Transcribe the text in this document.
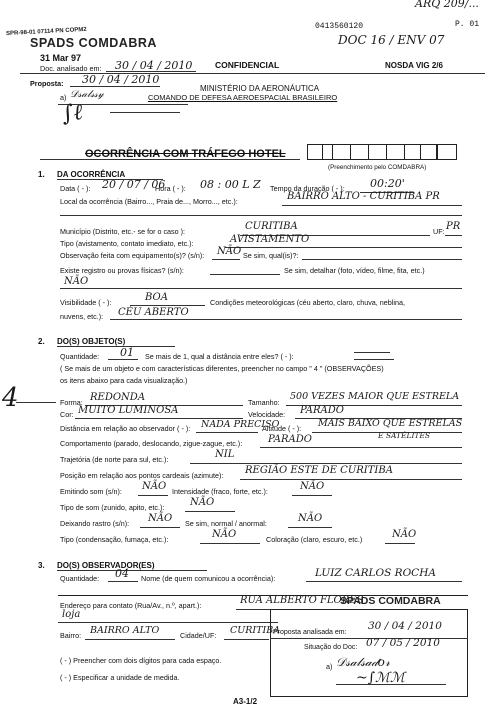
ARQ 209/...
0413560120	P. 01
DOC 16 / ENV 07
SPR-98-01 07114 PN COPM2
SPADS COMDABRA
31 Mar 97
Doc. analisado em: 30 / 04 / 2010	CONFIDENCIAL	NOSDA VIG 2/6
Proposta: 30 / 04 / 2010
MINISTÉRIO DA AERONÁUTICA
a) 𝒟𝓈𝒶𝓁𝓈𝓈𝓎	COMANDO DE DEFESA AEROESPACIAL BRASILEIRO
∫ℓ
OCORRÊNCIA COM TRÁFEGO HOTEL
(Preenchimento pelo COMDABRA)
1. DA OCORRÊNCIA
Data ( - ): 20 / 07 / 06
Hora ( - ): 08 : 00 L Z Tempo da duração ( - ): 00:20'
Local da ocorrência (Bairro..., Praia de..., Morro..., etc.):	BAIRRO ALTO - CURITIBA PR
Município (Distrito, etc.- se for o caso ):	CURITIBA	UF: PR
Tipo (avistamento, contato imediato, etc.):	AVISTAMENTO
Observação feita com equipamento(s)? (s/n): NÃO Se sim, qual(is)?:
Existe registro ou provas físicas? (s/n):	Se sim, detalhar (foto, vídeo, filme, fita, etc.)
NÃO
Visibilidade ( - ):	BOA	Condições meteorológicas (céu aberto, claro, chuva, neblina,
nuvens, etc.): CÉU ABERTO
2. DO(S) OBJETO(S)
Quantidade: 01 Se mais de 1, qual a distância entre eles? ( - ):
( Se mais de um objeto e com características diferentes, preencher no campo " 4 " (OBSERVAÇÕES)
os itens abaixo para cada visualização.)
4	Forma: REDONDA	Tamanho:
500 VEZES MAIOR QUE ESTRELA
Cor: MUITO LUMINOSA	Velocidade: PARADO
Distância em relação ao observador ( - ): NADA PRECISO
Altitude ( - ): MAIS BAIXO QUE ESTRELAS
E SATÉLITES
Comportamento (parado, deslocando, zigue-zague, etc.):	PARADO
Trajetória (de norte para sul, etc.):	NIL
Posição em relação aos pontos cardeais (azimute): REGIÃO ESTE DE CURITIBA
Emitindo som (s/n): NÃO Intensidade (fraco, forte, etc.):	NÃO
Tipo de som (zunido, apito, etc.):	NÃO
Deixando rastro (s/n): NÃO Se sim, normal / anormal:	NÃO
Tipo (condensação, fumaça, etc.):	NÃO	Coloração (claro, escuro, etc.)	NÃO
3. DO(S) OBSERVADOR(ES)
Quantidade: 04 Nome (de quem comunicou a ocorrência):	LUIZ CARLOS ROCHA
Endereço para contato (Rua/Av., n.º, apart.):	RUA ALBERTO FLORES
loja
Bairro: BAIRRO ALTO	Cidade/UF: CURITIBA
SPADS COMDABRA
Proposta analisada em:
30 / 04 / 2010
Situação do Doc: 07 / 05 / 2010
a) 𝒟𝓈𝒶𝓁𝓈𝒶𝒹𝑜𝓇
~∫ℳℳ
( - ) Preencher com dois dígitos para cada espaço.
( - ) Especificar a unidade de medida.
A3-1/2
